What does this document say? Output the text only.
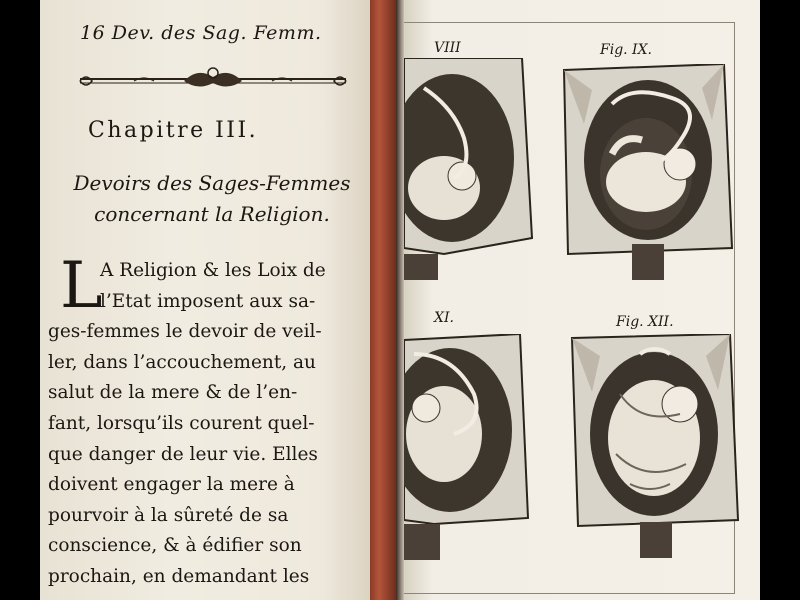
16 Dev. des Sag. Femm.
Chapitre III.
Devoirs des Sages-Femmes
concernant la Religion.
L
A Religion & les Loix de
l’Etat imposent aux sa-
ges-femmes le devoir de veil-
ler, dans l’accouchement, au
salut de la mere & de l’en-
fant, lorsqu’ils courent quel-
que danger de leur vie. Elles
doivent engager la mere à
pourvoir à la sûreté de sa
conscience, & à édifier son
prochain, en demandant les
VIII	Fig. IX.
XI.	Fig. XII.
